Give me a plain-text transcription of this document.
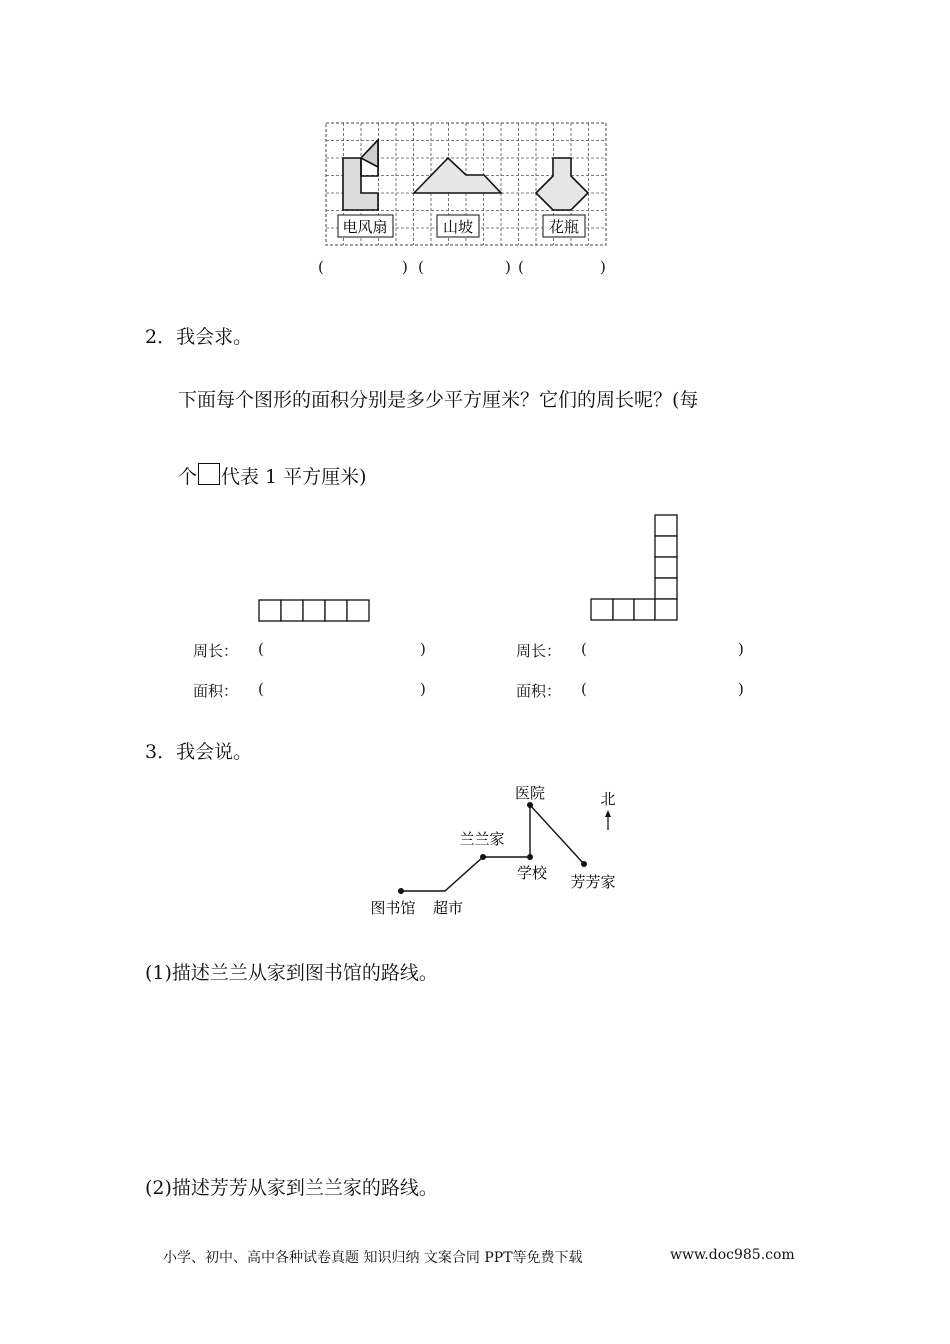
电风扇	山坡	花瓶
(	) (	) (	)
2．我会求。
下面每个图形的面积分别是多少平方厘米？它们的周长呢？(每
个 代表 1 平方厘米)
周长： (	)
面积： (	)
周长： (	)
面积： (	)
3．我会说。
医院
兰兰家
学校 芳芳家
图书馆 超市
北
(1)描述兰兰从家到图书馆的路线。
(2)描述芳芳从家到兰兰家的路线。
小学、初中、高中各种试卷真题 知识归纳 文案合同 PPT等免费下载	www.doc985.com
